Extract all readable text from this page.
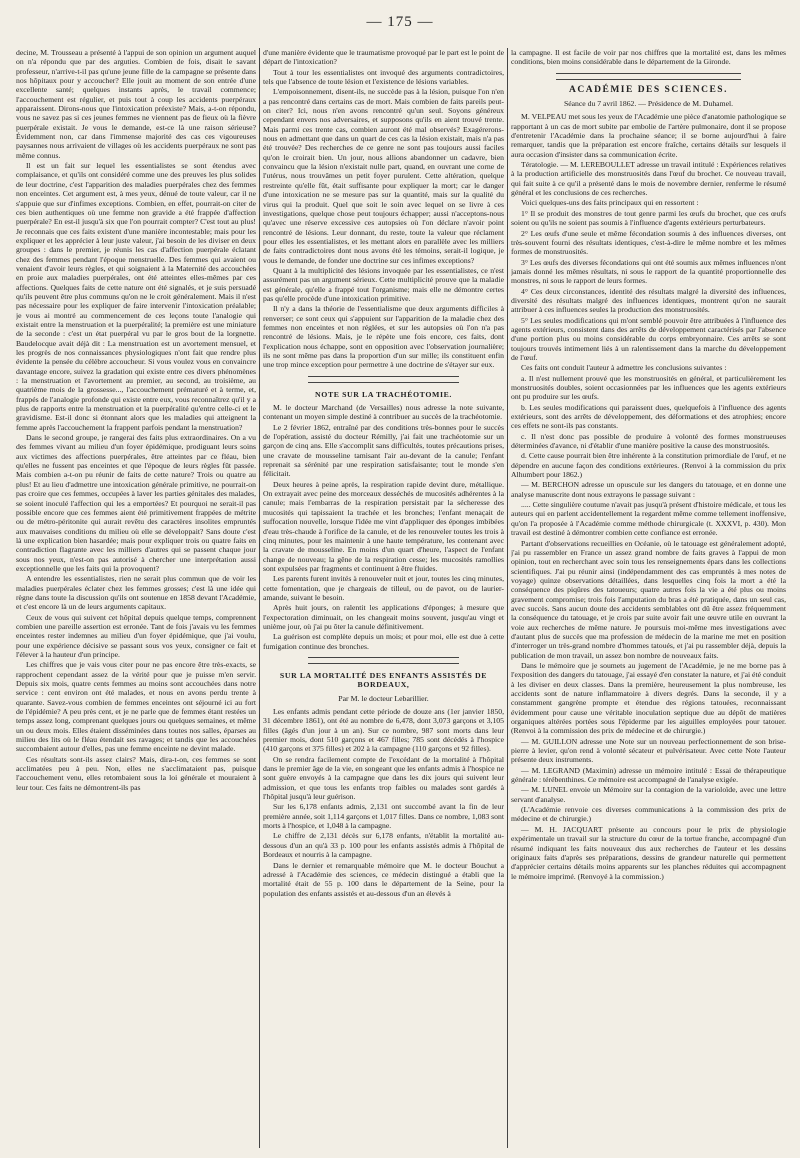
— 175 —

decine, M. Trousseau a présenté à l'appui de son opinion un argument auquel on n'a répondu que par des arguties. Combien de fois, disait le savant professeur, n'arrive-t-il pas qu'une jeune fille de la campagne se présente dans nos hôpitaux pour y accoucher? Elle jouit au moment de son entrée d'une excellente santé; quelques instants après, le travail commence; l'accouchement est régulier, et puis tout à coup les accidents puerpéraux apparaissent. Dirons-nous que l'intoxication préexiste? Mais, a-t-on répondu, vous ne savez pas si ces jeunes femmes ne viennent pas de fieux où la fièvre puerpérale existait. Je vous le demande, est-ce là une raison sérieuse? Évidemment non, car dans l'immense majorité des cas ces vigoureuses paysannes nous arrivaient de villages où les accidents puerpéraux ne sont pas même connus.

Il est un fait sur lequel les essentialistes se sont étendus avec complaisance, et qu'ils ont considéré comme une des preuves les plus solides de leur doctrine, c'est l'apparition des maladies puerpérales chez des femmes non enceintes. Cet argument est, à mes yeux, dénué de toute valeur, car il ne s'appuie que sur d'infimes exceptions. Combien, en effet, pourrait-on citer de ces bien authentiques où une femme non gravide a été frappée d'affection puerpérale? En est-il jusqu'à six que l'on pourrait compter? C'est tout au plus! Je reconnais que ces faits existent d'une manière incontestable; mais pour les expliquer et les apprécier à leur juste valeur, j'ai besoin de les diviser en deux groupes : dans le premier, je réunis les cas d'affection puerpérale éclatant chez des femmes pendant l'époque menstruelle. Des femmes qui avaient ou venaient d'avoir leurs règles, et qui soignaient à la Maternité des accouchées en proie aux maladies puerpérales, ont été atteintes elles-mêmes par ces affections. Quelques faits de cette nature ont été signalés, et je suis persuadé qu'ils peuvent être plus communs qu'on ne le croit généralement. Mais il n'est pas nécessaire pour les expliquer de faire intervenir l'intoxication préalable; je vous ai montré au commencement de ces leçons toute l'analogie qui existait entre la menstruation et la puerpéralité; la première est une miniature de la seconde : c'est un état puerpéral vu par le gros bout de la lorgnette. Baudelocque avait déjà dit : La menstruation est un avortement mensuel, et les progrès de nos connaissances physiologiques n'ont fait que rendre plus évidente la pensée du célèbre accoucheur. Si vous voulez vous en convaincre davantage encore, suivez la gradation qui existe entre ces divers phénomènes : la menstruation et l'avortement au premier, au second, au troisième, au quatrième mois de la grossesse..., l'accouchement prématuré et à terme, et, frappés de l'analogie profonde qui existe entre eux, vous reconnaîtrez qu'il y a plus de rapports entre la menstruation et la puerpéralité qu'entre celle-ci et le gravidisme. Est-il donc si étonnant alors que les maladies qui atteignent la femme après l'accouchement la frappent parfois pendant la menstruation?

Dans le second groupe, je rangerai des faits plus extraordinaires. On a vu des femmes vivant au milieu d'un foyer épidémique, prodiguant leurs soins aux victimes des affections puerpérales, être atteintes par ce fléau, bien qu'elles ne fussent pas enceintes et que l'époque de leurs règles fût passée. Mais combien a-t-on pu réunir de faits de cette nature? Trois ou quatre au plus! Et au lieu d'admettre une intoxication générale primitive, ne pourrait-on pas croire que ces femmes, occupées à laver les parties génitales des malades, se soient inoculé l'affection qui les a emportées? Et pourquoi ne serait-il pas possible encore que ces femmes aient été primitivement frappées de métrite ou de métro-péritonite qui aurait revêtu des caractères insolites empruntés aux mauvaises conditions du milieu où elle se développait? Sans doute c'est là une explication bien hasardée; mais pour expliquer trois ou quatre faits en contradiction flagrante avec les milliers d'autres qui se passent chaque jour sous nos yeux, n'est-on pas autorisé à chercher une interprétation aussi exceptionnelle que les faits qui la provoquent?

A entendre les essentialistes, rien ne serait plus commun que de voir les maladies puerpérales éclater chez les femmes grosses; c'est là une idée qui règne dans toute la discussion qu'ils ont soutenue en 1858 devant l'Académie, et c'est encore là un de leurs arguments capitaux.

Ceux de vous qui suivent cet hôpital depuis quelque temps, comprennent combien une pareille assertion est erronée. Tant de fois j'avais vu les femmes enceintes rester indemnes au milieu d'un foyer épidémique, que j'ai voulu, pour une expérience décisive se passant sous vos yeux, consigner ce fait et l'élever à la hauteur d'un principe.

Les chiffres que je vais vous citer pour ne pas encore être très-exacts, se rapprochent cependant assez de la vérité pour que je puisse m'en servir. Depuis six mois, quatre cents femmes au moins sont accouchées dans notre service : cent environ ont été malades, et nous en avons perdu trente à quarante. Savez-vous combien de femmes enceintes ont séjourné ici au fort de l'épidémie? A peu près cent, et je ne parle que de femmes étant restées un temps assez long, comprenant quelques jours ou quelques semaines, et même un ou deux mois. Elles étaient disséminées dans toutes nos salles, éparses au milieu des lits où le fléau étendait ses ravages; et tandis que les accouchées succombaient autour d'elles, pas une femme enceinte ne devint malade.

Ces résultats sont-ils assez clairs? Mais, dira-t-on, ces femmes se sont acclimatées peu à peu. Non, elles ne s'acclimataient pas, puisque l'accouchement venu, elles retombaient sous la loi générale et mouraient à leur tour. Ces faits ne démontrent-ils pas

d'une manière évidente que le traumatisme provoqué par le part est le point de départ de l'intoxication?

Tout à tour les essentialistes ont invoqué des arguments contradictoires, tels que l'absence de toute lésion et l'existence de lésions variables.

L'empoisonnement, disent-ils, ne succède pas à la lésion, puisque l'on n'en a pas rencontré dans certains cas de mort. Mais combien de faits pareils peut-on citer? Ici, nous n'en avons rencontré qu'un seul. Soyons généreux cependant envers nos adversaires, et supposons qu'ils en aient trouvé trente. Mais parmi ces trente cas, combien auront été mal observés? Exagérerons-nous en admettant que dans un quart de ces cas la lésion existait, mais n'a pas été trouvée? Des recherches de ce genre ne sont pas toujours aussi faciles qu'on le croirait bien. Un jour, nous allions abandonner un cadavre, bien convaincu que la lésion n'existait nulle part, quand, en ouvrant une corne de l'utérus, nous trouvâmes un petit foyer purulent. Cette altération, quelque restreinte qu'elle fût, était suffisante pour expliquer la mort; car le danger d'une intoxication ne se mesure pas sur la quantité, mais sur la qualité du virus qui la produit. Quel que soit le soin avec lequel on se livre à ces investigations, quelque chose peut toujours échapper; aussi n'acceptons-nous qu'avec une réserve excessive ces autopsies où l'on déclare n'avoir point rencontré de lésions. Leur donnant, du reste, toute la valeur que réclament pour elles les essentialistes, et les mettant alors en parallèle avec les milliers de faits contradictoires dont nous avons été les témoins, serait-il logique, je vous le demande, de fonder une doctrine sur ces infimes exceptions?

Quant à la multiplicité des lésions invoquée par les essentialistes, ce n'est assurément pas un argument sérieux. Cette multiplicité prouve que la maladie est générale, qu'elle a frappé tout l'organisme; mais elle ne démontre certes pas qu'elle procède d'une intoxication primitive.

Il n'y a dans la théorie de l'essentialisme que deux arguments difficiles à renverser; ce sont ceux qui s'appuient sur l'apparition de la maladie chez des femmes non enceintes et non réglées, et sur les autopsies où l'on n'a pas rencontré de lésions. Mais, je le répète une fois encore, ces faits, dont l'explication nous échappe, sont en opposition avec l'observation journalière; ils ne sont même pas dans la proportion d'un sur mille; ils constituent enfin une trop mince exception pour permettre à une doctrine de s'étayer sur eux.

NOTE SUR LA TRACHÉOTOMIE.

M. le docteur Marchand (de Versailles) nous adresse la note suivante, contenant un moyen simple destiné à contribuer au succès de la trachéotomie.

Le 2 février 1862, entraîné par des conditions très-bonnes pour le succès de l'opération, assisté du docteur Rémilly, j'ai fait une trachéotomie sur un garçon de cinq ans. Elle s'accomplit sans difficultés, toutes précautions prises, une cravate de mousseline tamisant l'air au-devant de la canule; l'enfant reprenait sa sérénité par une respiration satisfaisante; tout le monde s'en félicitait.

Deux heures à peine après, la respiration rapide devint dure, métallique. On extrayait avec peine des morceaux desséchés de mucosités adhérentes à la canule; mais l'embarras de la respiration persistait par la sécheresse des mucosités qui tapissaient la trachée et les bronches; l'enfant menaçait de suffocation nouvelle, lorsque l'idée me vint d'appliquer des éponges imbibées d'eau très-chaude à l'orifice de la canule, et de les renouveler toutes les trois à cinq minutes, pour les maintenir à une haute température, les contenant avec la cravate de mousseline. En moins d'un quart d'heure, l'aspect de l'enfant change de nouveau; la gêne de la respiration cesse; les mucosités ramollies sont expulsées par fragments et continuent à être fluides.

Les parents furent invités à renouveler nuit et jour, toutes les cinq minutes, cette fomentation, que je chargeais de tilleul, ou de pavot, ou de laurier-amande, suivant le besoin.

Après huit jours, on ralentit les applications d'éponges; à mesure que l'expectoration diminuait, on les changeait moins souvent, jusqu'au vingt et unième jour, où j'ai pu ôter la canule définitivement.

La guérison est complète depuis un mois; et pour moi, elle est due à cette fumigation continue des bronches.

SUR LA MORTALITÉ DES ENFANTS ASSISTÉS DE BORDEAUX,
Par M. le docteur Lebarillier.

Les enfants admis pendant cette période de douze ans (1er janvier 1850, 31 décembre 1861), ont été au nombre de 6,478, dont 3,073 garçons et 3,105 filles (âgés d'un jour à un an). Sur ce nombre, 987 sont morts dans leur premier mois, dont 510 garçons et 467 filles; 785 sont décédés à l'hospice (410 garçons et 375 filles) et 202 à la campagne (110 garçons et 92 filles).

On se rendra facilement compte de l'excédant de la mortalité à l'hôpital dans le premier âge de la vie, en songeant que les enfants admis à l'hospice ne sont guère envoyés à la campagne que dans les dix jours qui suivent leur admission, et que tous les enfants trop faibles ou malades sont gardés à l'hôpital jusqu'à leur guérison.

Sur les 6,178 enfants admis, 2,131 ont succombé avant la fin de leur première année, soit 1,114 garçons et 1,017 filles. Dans ce nombre, 1,083 sont morts à l'hospice, et 1,048 à la campagne.

Le chiffre de 2,131 décès sur 6,178 enfants, n'établit la mortalité au-dessous d'un an qu'à 33 p. 100 pour les enfants assistés admis à l'hôpital de Bordeaux et nourris à la campagne.

Dans le dernier et remarquable mémoire que M. le docteur Bouchut a adressé à l'Académie des sciences, ce médecin distingué a établi que la mortalité était de 55 p. 100 dans le département de la Seine, pour la population des enfants assistés et au-dessous d'un an élevés à

la campagne. Il est facile de voir par nos chiffres que la mortalité est, dans les mêmes conditions, bien moins considérable dans le département de la Gironde.

ACADÉMIE DES SCIENCES.
Séance du 7 avril 1862. — Présidence de M. Duhamel.

M. VELPEAU met sous les yeux de l'Académie une pièce d'anatomie pathologique se rapportant à un cas de mort subite par embolie de l'artère pulmonaire, dont il se propose d'entretenir l'Académie dans la prochaine séance; il se borne aujourd'hui à faire remarquer, tandis que la préparation est encore fraîche, certains détails sur lesquels il aura occasion d'insister dans sa communication écrite.

Tératologie. — M. LEREBOULLET adresse un travail intitulé : Expériences relatives à la production artificielle des monstruosités dans l'œuf du brochet. Ce nouveau travail, qui fait suite à ce qu'il a présenté dans le mois de novembre dernier, renferme le résumé général et les conclusions de ces recherches.

Voici quelques-uns des faits principaux qui en ressortent :

1° Il se produit des monstres de tout genre parmi les œufs du brochet, que ces œufs soient ou qu'ils ne soient pas soumis à l'influence d'agents extérieurs perturbateurs.

2° Les œufs d'une seule et même fécondation soumis à des influences diverses, ont très-souvent fourni des résultats identiques, c'est-à-dire le même nombre et les mêmes formes de monstruosités.

3° Les œufs des diverses fécondations qui ont été soumis aux mêmes influences n'ont jamais donné les mêmes résultats, ni sous le rapport de la quantité proportionnelle des monstres, ni sous le rapport de leurs formes.

4° Ces deux circonstances, identité des résultats malgré la diversité des influences, diversité des résultats malgré des influences identiques, montrent qu'on ne saurait attribuer à ces influences seules la production des monstruosités.

5° Les seules modifications qui m'ont semblé pouvoir être attribuées à l'influence des agents extérieurs, consistent dans des arrêts de développement caractérisés par l'absence d'une portion plus ou moins considérable du corps embryonnaire. Ces arrêts se sont toujours trouvés intimement liés à un ralentissement dans la marche du développement de l'œuf.

Ces faits ont conduit l'auteur à admettre les conclusions suivantes :

a. Il n'est nullement prouvé que les monstruosités en général, et particulièrement les monstruosités doubles, soient occasionnées par les influences que les agents extérieurs ont pu produire sur les œufs.

b. Les seules modifications qui paraissent dues, quelquefois à l'influence des agents extérieurs, sont des arrêts de développement, des déformations et des atrophies; encore ces effets ne sont-ils pas constants.

c. Il n'est donc pas possible de produire à volonté des formes monstrueuses déterminées d'avance, ni d'établir d'une manière positive la cause des monstruosités.

d. Cette cause pourrait bien être inhérente à la constitution primordiale de l'œuf, et ne dépendre en aucune façon des conditions extérieures. (Renvoi à la commission du prix Alhumbert pour 1862.)

— M. BERCHON adresse un opuscule sur les dangers du tatouage, et en donne une analyse manuscrite dont nous extrayons le passage suivant :

..... Cette singulière coutume n'avait pas jusqu'à présent d'histoire médicale, et tous les auteurs qui en parlent accidentellement la regardent même comme tellement inoffensive, qu'on l'a proposée à l'Académie comme méthode chirurgicale (t. XXXVI, p. 430). Mon travail est destiné à démontrer combien cette confiance est erronée.

Partant d'observations recueillies en Océanie, où le tatouage est généralement adopté, j'ai pu rassembler en France un assez grand nombre de faits graves à l'appui de mon opinion, tout en recherchant avec soin tous les renseignements épars dans les collections scientifiques. J'ai pu réunir ainsi (indépendamment des cas empruntés à mes notes de voyage) quinze observations détaillées, dans lesquelles cinq fois la mort a été la conséquence des piqûres des tatoueurs; quatre autres fois la vie a été plus ou moins gravement compromise; trois fois l'amputation du bras a été pratiquée, dans un seul cas, avec succès. Sans aucun doute des accidents semblables ont dû être assez fréquemment la conséquence du tatouage, et je crois par suite avoir fait une œuvre utile en ouvrant la voie aux recherches de même nature. Je poursuis moi-même mes investigations avec d'autant plus de succès que ma profession de médecin de la marine me met en position d'interroger un très-grand nombre d'hommes tatoués, et j'ai pu rassembler déjà, depuis la publication de mon travail, un assez bon nombre de nouveaux faits.

Dans le mémoire que je soumets au jugement de l'Académie, je ne me borne pas à l'exposition des dangers du tatouage, j'ai essayé d'en constater la nature, et j'ai été conduit à les diviser en deux classes. Dans la première, heureusement la plus nombreuse, les accidents sont de nature inflammatoire à divers degrés. Dans la seconde, il y a constamment gangrène prompte et étendue des régions tatouées, reconnaissant évidemment pour cause une véritable inoculation septique due au dépôt de matières organiques altérées portées sous l'épiderme par les aiguilles employées pour tatouer. (Renvoi à la commission des prix de médecine et de chirurgie.)

— M. GUILLON adresse une Note sur un nouveau perfectionnement de son brise-pierre à levier, qu'on rend à volonté sécateur et pulvérisateur. Avec cette Note l'auteur présente deux instruments.

— M. LEGRAND (Maximin) adresse un mémoire intitulé : Essai de thérapeutique générale : térébenthines. Ce mémoire est accompagné de l'analyse exigée.

— M. LUNEL envoie un Mémoire sur la contagion de la varioloïde, avec une lettre servant d'analyse.

(L'Académie renvoie ces diverses communications à la commission des prix de médecine et de chirurgie.)

— M. H. JACQUART présente au concours pour le prix de physiologie expérimentale un travail sur la structure du cœur de la tortue franche, accompagné d'un résumé indiquant les faits nouveaux dus aux recherches de l'auteur et les dessins originaux faits d'après ses préparations, dessins de grandeur naturelle qui permettent d'apprécier certains détails moins apparents sur les planches réduites qui accompagnent le mémoire imprimé. (Renvoyé à la commission.)
